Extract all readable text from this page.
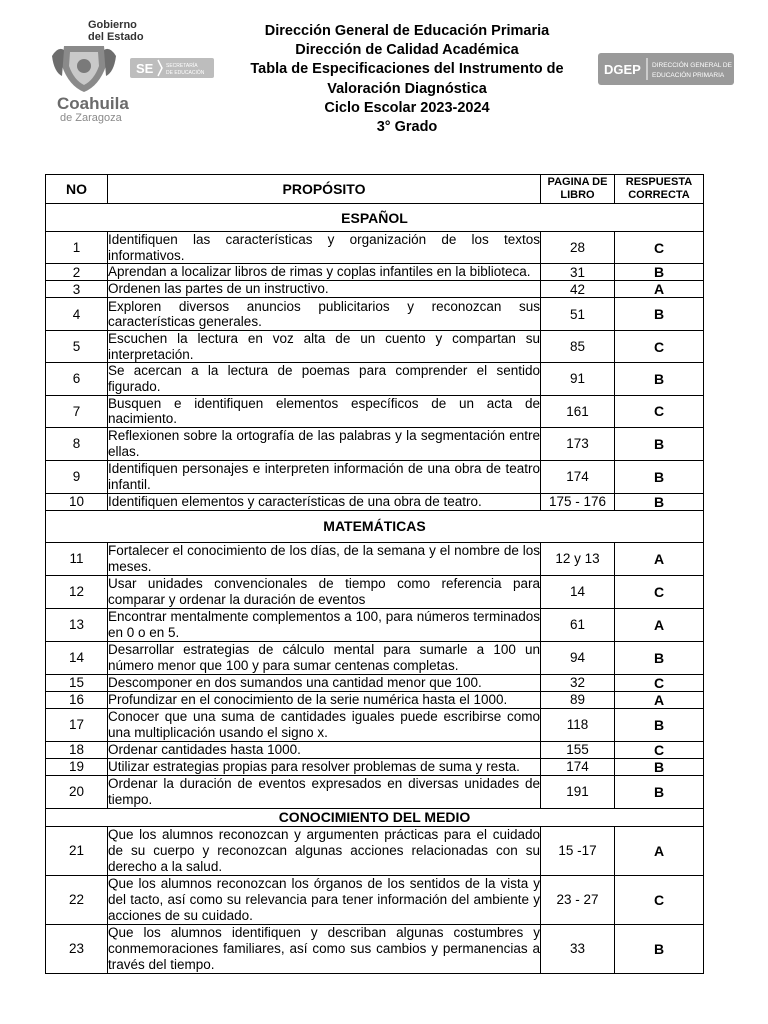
Gobierno
del Estado
SE	SECRETARÍA
DE EDUCACIÓN
Coahuila
de Zaragoza
Dirección General de Educación Primaria
Dirección de Calidad Académica
Tabla de Especificaciones del Instrumento de
Valoración Diagnóstica
Ciclo Escolar 2023-2024
3° Grado
DGEP DIRECCIÓN GENERAL DE
EDUCACIÓN PRIMARIA
NO	PROPÓSITO	PAGINA DE LIBRO	RESPUESTA CORRECTA
ESPAÑOL			
1	Identifiquen las características y organización de los textos informativos.	28	C
2	Aprendan a localizar libros de rimas y coplas infantiles en la biblioteca.	31	B
3	Ordenen las partes de un instructivo.	42	A
4	Exploren diversos anuncios publicitarios y reconozcan sus características generales.	51	B
5	Escuchen la lectura en voz alta de un cuento y compartan su interpretación.	85	C
6	Se acercan a la lectura de poemas para comprender el sentido figurado.	91	B
7	Busquen e identifiquen elementos específicos de un acta de nacimiento.	161	C
8	Reflexionen sobre la ortografía de las palabras y la segmentación entre ellas.	173	B
9	Identifiquen personajes e interpreten información de una obra de teatro infantil.	174	B
10	Identifiquen elementos y características de una obra de teatro.	175 - 176	B
MATEMÁTICAS			
11	Fortalecer el conocimiento de los días, de la semana y el nombre de los meses.	12 y 13	A
12	Usar unidades convencionales de tiempo como referencia para comparar y ordenar la duración de eventos	14	C
13	Encontrar mentalmente complementos a 100, para números terminados en 0 o en 5.	61	A
14	Desarrollar estrategias de cálculo mental para sumarle a 100 un número menor que 100 y para sumar centenas completas.	94	B
15	Descomponer en dos sumandos una cantidad menor que 100.	32	C
16	Profundizar en el conocimiento de la serie numérica hasta el 1000.	89	A
17	Conocer que una suma de cantidades iguales puede escribirse como una multiplicación usando el signo x.	118	B
18	Ordenar cantidades hasta 1000.	155	C
19	Utilizar estrategias propias para resolver problemas de suma y resta.	174	B
20	Ordenar la duración de eventos expresados en diversas unidades de tiempo.	191	B
CONOCIMIENTO DEL MEDIO			
21	Que los alumnos reconozcan y argumenten prácticas para el cuidado de su cuerpo y reconozcan algunas acciones relacionadas con su derecho a la salud.	15 -17	A
22	Que los alumnos reconozcan los órganos de los sentidos de la vista y del tacto, así como su relevancia para tener información del ambiente y acciones de su cuidado.	23 - 27	C
23	Que los alumnos identifiquen y describan algunas costumbres y conmemoraciones familiares, así como sus cambios y permanencias a través del tiempo.	33	B
